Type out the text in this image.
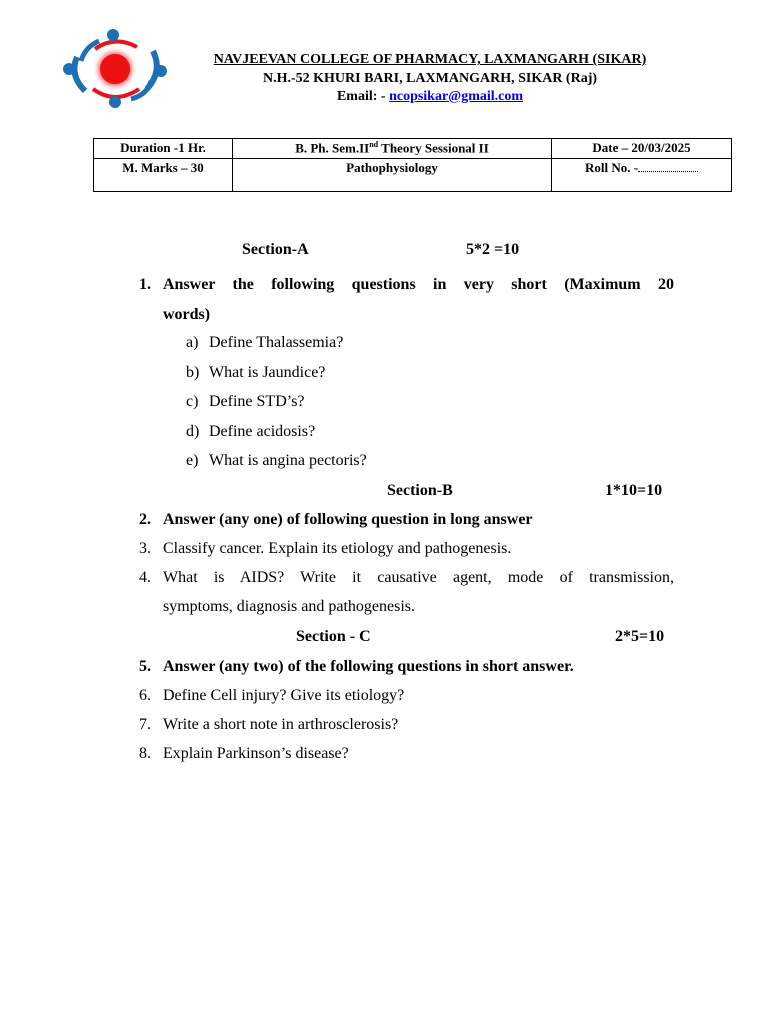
NAVJEEVAN COLLEGE OF PHARMACY, LAXMANGARH (SIKAR)
N.H.-52 KHURI BARI, LAXMANGARH, SIKAR (Raj)
Email: - ncopsikar@gmail.com
Duration -1 Hr.	B. Ph. Sem.IInd Theory Sessional II	Date – 20/03/2025
M. Marks – 30	Pathophysiology	Roll No. -
Section-A	5*2 =10
1. Answer the following questions in very short (Maximum 20
words)
a) Define Thalassemia?
b) What is Jaundice?
c) Define STD’s?
d) Define acidosis?
e) What is angina pectoris?
Section-B	1*10=10
2. Answer (any one) of following question in long answer
3. Classify cancer. Explain its etiology and pathogenesis.
4. What is AIDS? Write it causative agent, mode of transmission,
symptoms, diagnosis and pathogenesis.
Section - C	2*5=10
5. Answer (any two) of the following questions in short answer.
6. Define Cell injury? Give its etiology?
7. Write a short note in arthrosclerosis?
8. Explain Parkinson’s disease?
